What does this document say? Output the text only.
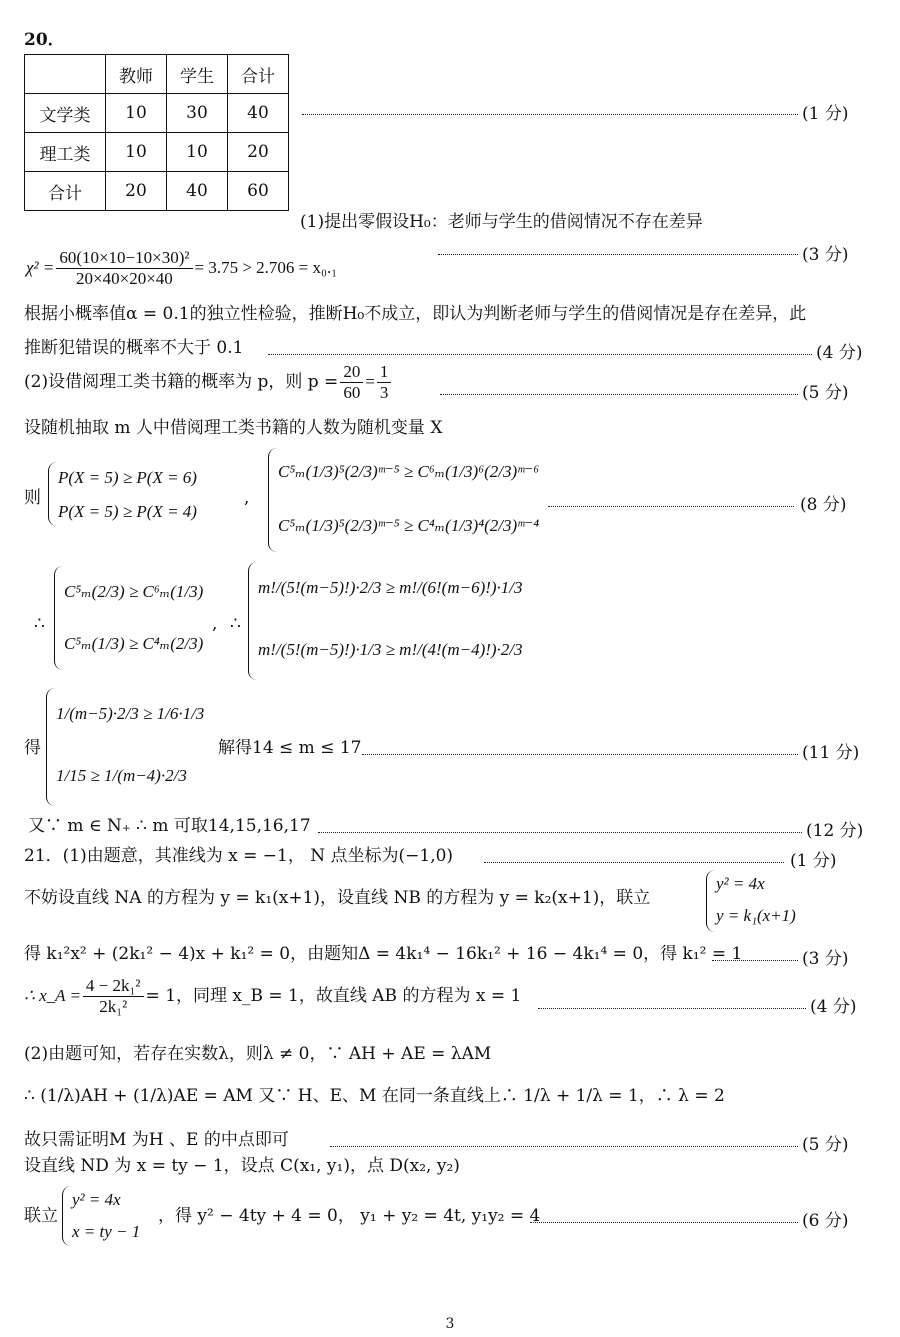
20．
	教师	学生	合计
文学类	10	30	40
理工类	10	10	20
合计	20	40	60
(1 分)
(1)提出零假设H₀：老师与学生的借阅情况不存在差异
(3 分)
$\chi^2 = \frac{\text{60(10×10−10×30)²}}{20\times 40\times 20\times 40} = 3.75 > 2.706 = x_0._1$
根据小概率值α = 0.1的独立性检验，推断H₀不成立，即认为判断老师与学生的借阅情况是存在差异，此
推断犯错误的概率不大于 0.1	(4 分)
(2)设借阅理工类书籍的概率为 p，则 $p = \frac{20}{60} = \frac{1}{3}$	(5 分)
设随机抽取 m 人中借阅理工类书籍的人数为随机变量 X
则
P(X = 5) ≥ P(X = 6)
P(X = 5) ≥ P(X = 4)
,
C⁵ₘ(1/3)⁵(2/3)ᵐ⁻⁵ ≥ C⁶ₘ(1/3)⁶(2/3)ᵐ⁻⁶
C⁵ₘ(1/3)⁵(2/3)ᵐ⁻⁵ ≥ C⁴ₘ(1/3)⁴(2/3)ᵐ⁻⁴
(8 分)
∴
C⁵ₘ(2/3) ≥ C⁶ₘ(1/3)
C⁵ₘ(1/3) ≥ C⁴ₘ(2/3)
, ∴
m!/(5!(m−5)!)·2/3 ≥ m!/(6!(m−6)!)·1/3
m!/(5!(m−5)!)·1/3 ≥ m!/(4!(m−4)!)·2/3
得
1/(m−5)·2/3 ≥ 1/6·1/3
1/15 ≥ 1/(m−4)·2/3
解得14 ≤ m ≤ 17	(11 分)
又∵ m ∈ N₊ ∴ m 可取14,15,16,17	(12 分)
21．(1)由题意，其准线为 x = −1， N 点坐标为(−1,0)	(1 分)
不妨设直线 NA 的方程为 y = k₁(x+1)，设直线 NB 的方程为 y = k₂(x+1)，联立
y² = 4x
y = k₁(x+1)
得 k₁²x² + (2k₁² − 4)x + k₁² = 0，由题知Δ = 4k₁⁴ − 16k₁² + 16 − 4k₁⁴ = 0，得 k₁² = 1	(3 分)
∴ x_A = $\frac{\text{4 − 2k₁²}}{\text{2k₁²}} = 1$，同理 x_B = 1，故直线 AB 的方程为 x = 1
(4 分)
(2)由题可知，若存在实数λ，则λ ≠ 0，∵ AH + AE = λAM
∴ (1/λ)AH + (1/λ)AE = AM 又∵ H、E、M 在同一条直线上∴ 1/λ + 1/λ = 1，∴ λ = 2
故只需证明M 为H 、E 的中点即可	(5 分)
设直线 ND 为 x = ty − 1，设点 C(x₁, y₁)，点 D(x₂, y₂)
联立
y² = 4x
x = ty − 1
，得 y² − 4ty + 4 = 0， y₁ + y₂ = 4t, y₁y₂ = 4	(6 分)
3
